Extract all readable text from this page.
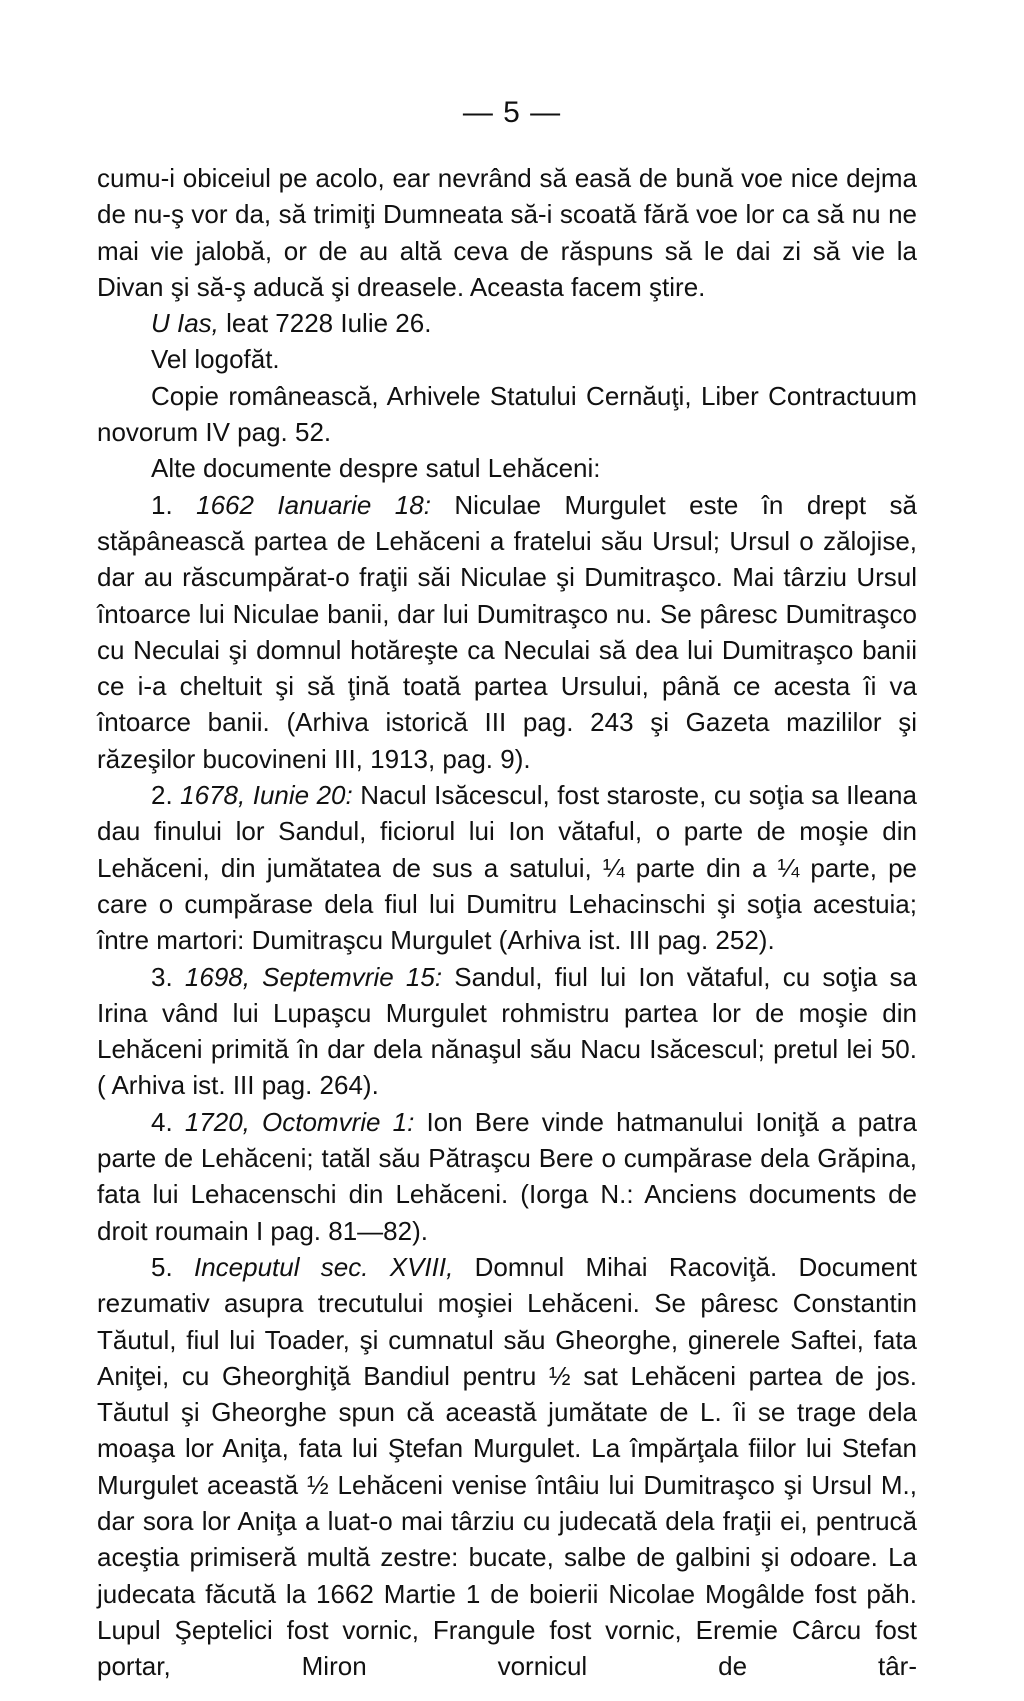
— 5 —

cumu-i obiceiul pe acolo, ear nevrând să easă de bună voe nice dejma de nu-ş vor da, să trimiţi Dumneata să-i scoată fără voe lor ca să nu ne mai vie jalobă, or de au altă ceva de răspuns să le dai zi să vie la Divan şi să-ş aducă şi dreasele. Aceasta facem ştire.

U Ias, leat 7228 Iulie 26.

Vel logofăt.

Copie românească, Arhivele Statului Cernăuţi, Liber Contractuum novorum IV pag. 52.

Alte documente despre satul Lehăceni:

1. 1662 Ianuarie 18: Niculae Murgulet este în drept să stăpânească partea de Lehăceni a fratelui său Ursul; Ursul o zălojise, dar au răscumpărat-o fraţii săi Niculae şi Dumitraşco. Mai târziu Ursul întoarce lui Niculae banii, dar lui Dumitraşco nu. Se pâresc Dumitraşco cu Neculai şi domnul hotăreşte ca Neculai să dea lui Dumitraşco banii ce i-a cheltuit şi să ţină toată partea Ursului, până ce acesta îi va întoarce banii. (Arhiva istorică III pag. 243 şi Gazeta mazililor şi răzeşilor bucovineni III, 1913, pag. 9).

2. 1678, Iunie 20: Nacul Isăcescul, fost staroste, cu soţia sa Ileana dau finului lor Sandul, ficiorul lui Ion vătaful, o parte de moşie din Lehăceni, din jumătatea de sus a satului, ¼ parte din a ¼ parte, pe care o cumpărase dela fiul lui Dumitru Lehacinschi şi soţia acestuia; între martori: Dumitraşcu Murgulet (Arhiva ist. III pag. 252).

3. 1698, Septemvrie 15: Sandul, fiul lui Ion vătaful, cu soţia sa Irina vând lui Lupaşcu Murgulet rohmistru partea lor de moşie din Lehăceni primită în dar dela nănaşul său Nacu Isăcescul; pretul lei 50. ( Arhiva ist. III pag. 264).

4. 1720, Octomvrie 1: Ion Bere vinde hatmanului Ioniţă a patra parte de Lehăceni; tatăl său Pătraşcu Bere o cumpărase dela Grăpina, fata lui Lehacenschi din Lehăceni. (Iorga N.: Anciens documents de droit roumain I pag. 81—82).

5. Inceputul sec. XVIII, Domnul Mihai Racoviţă. Document rezumativ asupra trecutului moşiei Lehăceni. Se pâresc Constantin Tăutul, fiul lui Toader, şi cumnatul său Gheorghe, ginerele Saftei, fata Aniţei, cu Gheorghiţă Bandiul pentru ½ sat Lehăceni partea de jos. Tăutul şi Gheorghe spun că această jumătate de L. îi se trage dela moaşa lor Aniţa, fata lui Ştefan Murgulet. La împărţala fiilor lui Stefan Murgulet această ½ Lehăceni venise întâiu lui Dumitraşco şi Ursul M., dar sora lor Aniţa a luat-o mai târziu cu judecată dela fraţii ei, pentrucă aceştia primiseră multă zestre: bucate, salbe de galbini şi odoare. La judecata făcută la 1662 Martie 1 de boierii Nicolae Mogâlde fost păh. Lupul Şeptelici fost vornic, Frangule fost vornic, Eremie Cârcu fost portar, Miron vornicul de târ-
